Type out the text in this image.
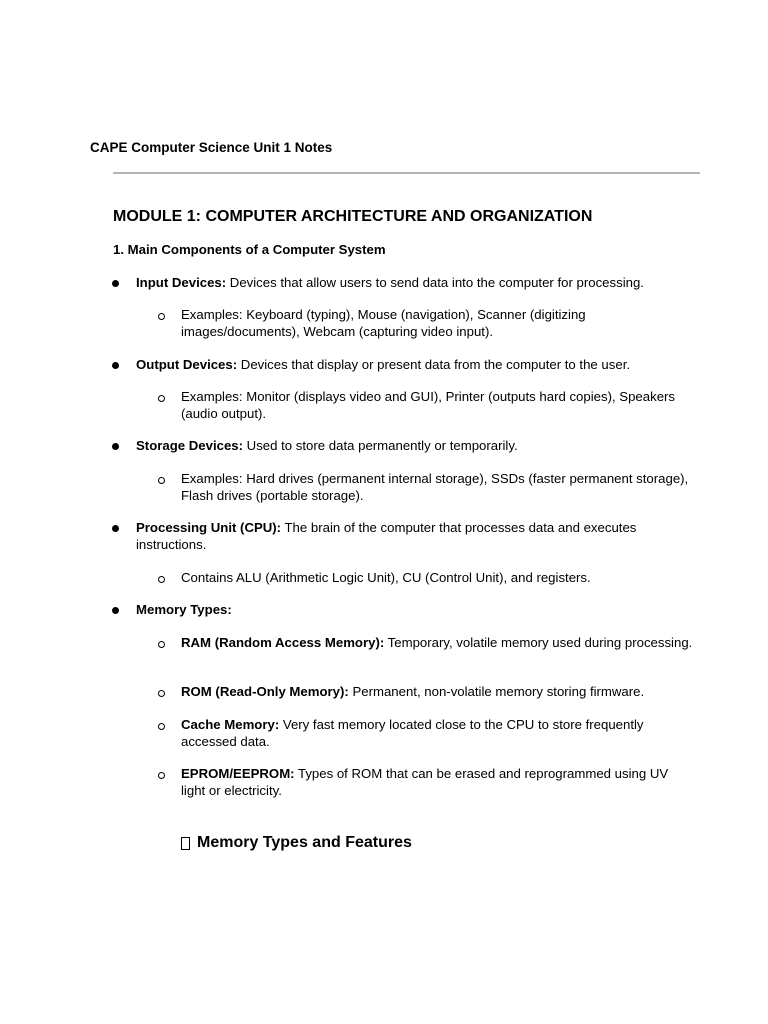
CAPE Computer Science Unit 1 Notes
MODULE 1: COMPUTER ARCHITECTURE AND ORGANIZATION
1. Main Components of a Computer System
Input Devices: Devices that allow users to send data into the computer for processing.
Examples: Keyboard (typing), Mouse (navigation), Scanner (digitizing images/documents), Webcam (capturing video input).
Output Devices: Devices that display or present data from the computer to the user.
Examples: Monitor (displays video and GUI), Printer (outputs hard copies), Speakers (audio output).
Storage Devices: Used to store data permanently or temporarily.
Examples: Hard drives (permanent internal storage), SSDs (faster permanent storage), Flash drives (portable storage).
Processing Unit (CPU): The brain of the computer that processes data and executes instructions.
Contains ALU (Arithmetic Logic Unit), CU (Control Unit), and registers.
Memory Types:
RAM (Random Access Memory): Temporary, volatile memory used during processing.
ROM (Read-Only Memory): Permanent, non-volatile memory storing firmware.
Cache Memory: Very fast memory located close to the CPU to store frequently accessed data.
EPROM/EEPROM: Types of ROM that can be erased and reprogrammed using UV light or electricity.
Memory Types and Features
